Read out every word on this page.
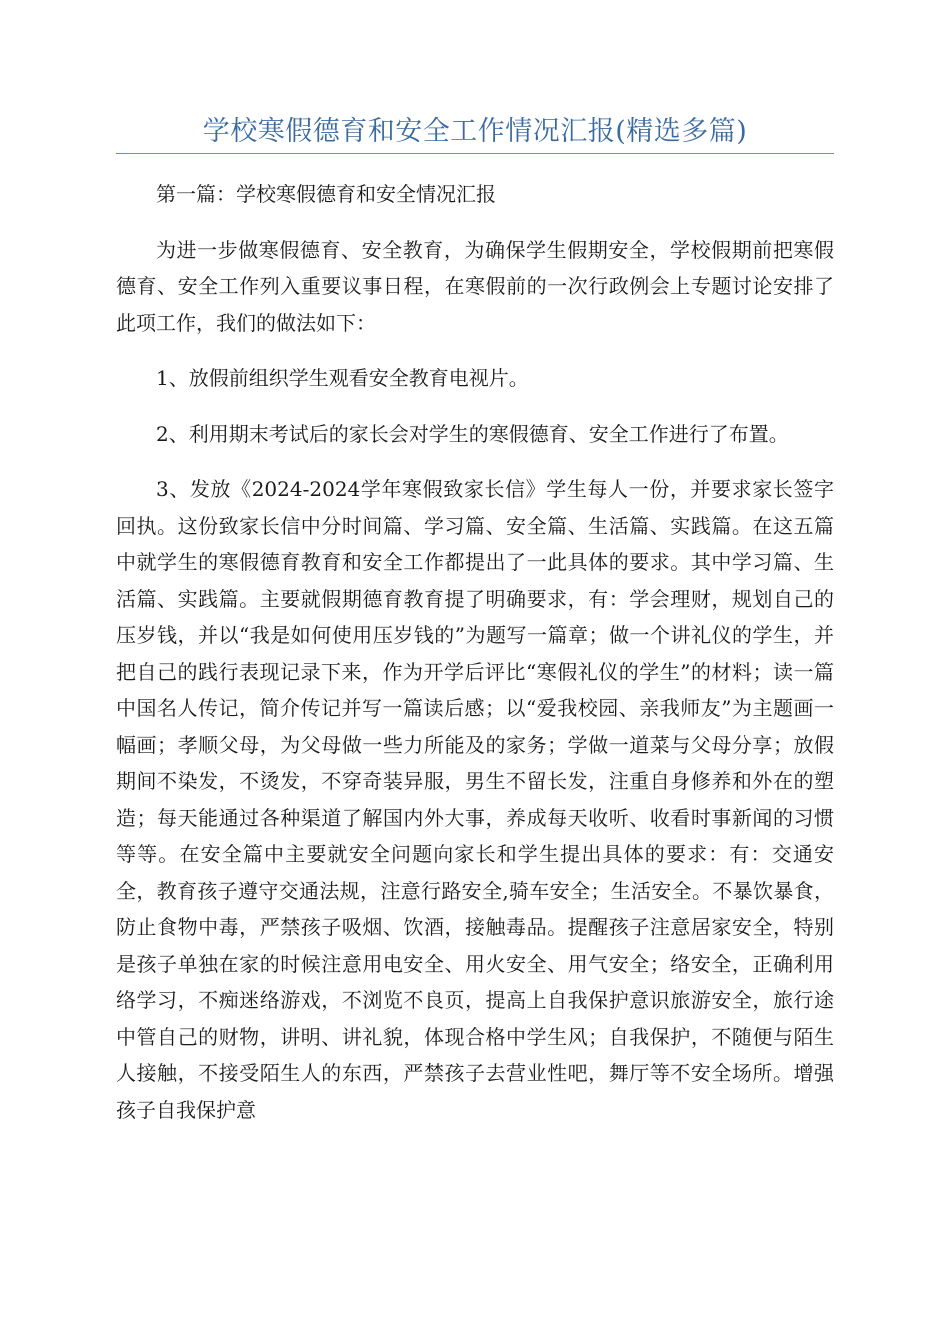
学校寒假德育和安全工作情况汇报(精选多篇)

第一篇：学校寒假德育和安全情况汇报

为进一步做寒假德育、安全教育，为确保学生假期安全，学校假期前把寒假德育、安全工作列入重要议事日程，在寒假前的一次行政例会上专题讨论安排了此项工作，我们的做法如下：

1、放假前组织学生观看安全教育电视片。

2、利用期末考试后的家长会对学生的寒假德育、安全工作进行了布置。

3、发放《2024-2024学年寒假致家长信》学生每人一份，并要求家长签字回执。这份致家长信中分时间篇、学习篇、安全篇、生活篇、实践篇。在这五篇中就学生的寒假德育教育和安全工作都提出了一此具体的要求。其中学习篇、生活篇、实践篇。主要就假期德育教育提了明确要求，有：学会理财，规划自己的压岁钱，并以“我是如何使用压岁钱的”为题写一篇章；做一个讲礼仪的学生，并把自己的践行表现记录下来，作为开学后评比“寒假礼仪的学生”的材料；读一篇中国名人传记，简介传记并写一篇读后感；以“爱我校园、亲我师友”为主题画一幅画；孝顺父母，为父母做一些力所能及的家务；学做一道菜与父母分享；放假期间不染发，不烫发，不穿奇装异服，男生不留长发，注重自身修养和外在的塑造；每天能通过各种渠道了解国内外大事，养成每天收听、收看时事新闻的习惯等等。在安全篇中主要就安全问题向家长和学生提出具体的要求：有：交通安全，教育孩子遵守交通法规，注意行路安全,骑车安全；生活安全。不暴饮暴食，防止食物中毒，严禁孩子吸烟、饮酒，接触毒品。提醒孩子注意居家安全，特别是孩子单独在家的时候注意用电安全、用火安全、用气安全；络安全，正确利用络学习，不痴迷络游戏，不浏览不良页，提高上自我保护意识旅游安全，旅行途中管自己的财物，讲明、讲礼貌，体现合格中学生风；自我保护，不随便与陌生人接触，不接受陌生人的东西，严禁孩子去营业性吧，舞厅等不安全场所。增强孩子自我保护意
